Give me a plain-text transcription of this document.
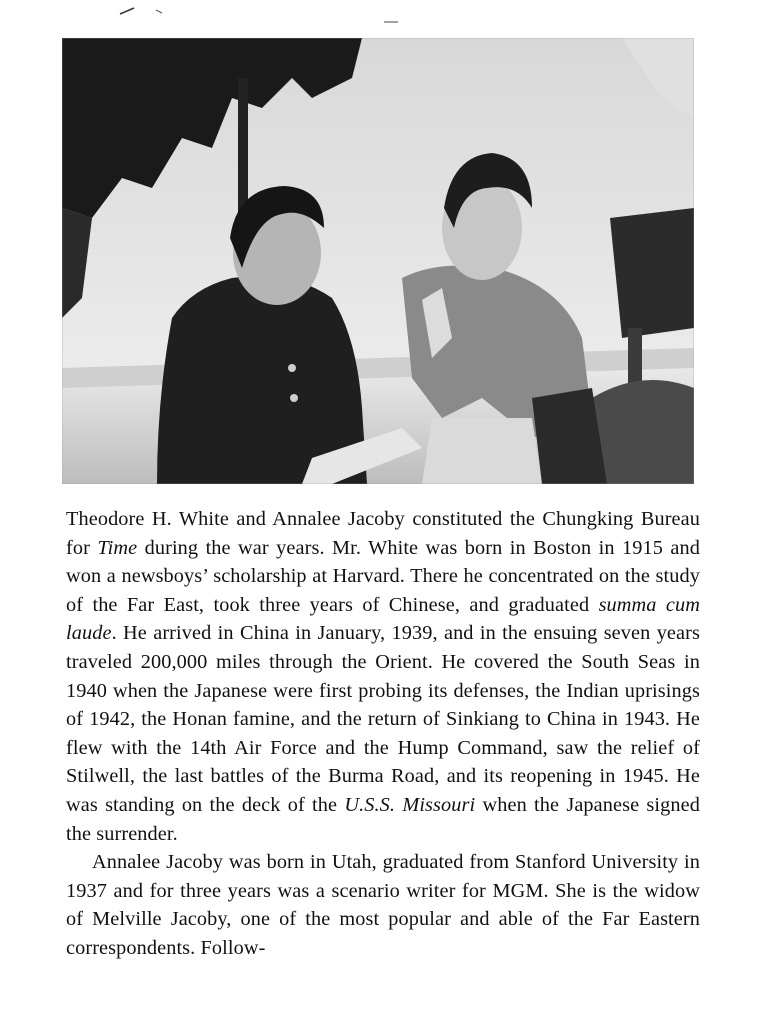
Theodore H. White and Annalee Jacoby constituted the Chungking Bureau for Time during the war years. Mr. White was born in Boston in 1915 and won a newsboys’ scholarship at Harvard. There he concentrated on the study of the Far East, took three years of Chinese, and graduated summa cum laude. He arrived in China in January, 1939, and in the ensuing seven years traveled 200,000 miles through the Orient. He covered the South Seas in 1940 when the Japanese were first probing its defenses, the Indian uprisings of 1942, the Honan famine, and the return of Sinkiang to China in 1943. He flew with the 14th Air Force and the Hump Command, saw the relief of Stilwell, the last battles of the Burma Road, and its reopening in 1945. He was standing on the deck of the U.S.S. Missouri when the Japanese signed the surrender.

Annalee Jacoby was born in Utah, graduated from Stanford University in 1937 and for three years was a scenario writer for MGM. She is the widow of Melville Jacoby, one of the most popular and able of the Far Eastern correspondents. Follow-
